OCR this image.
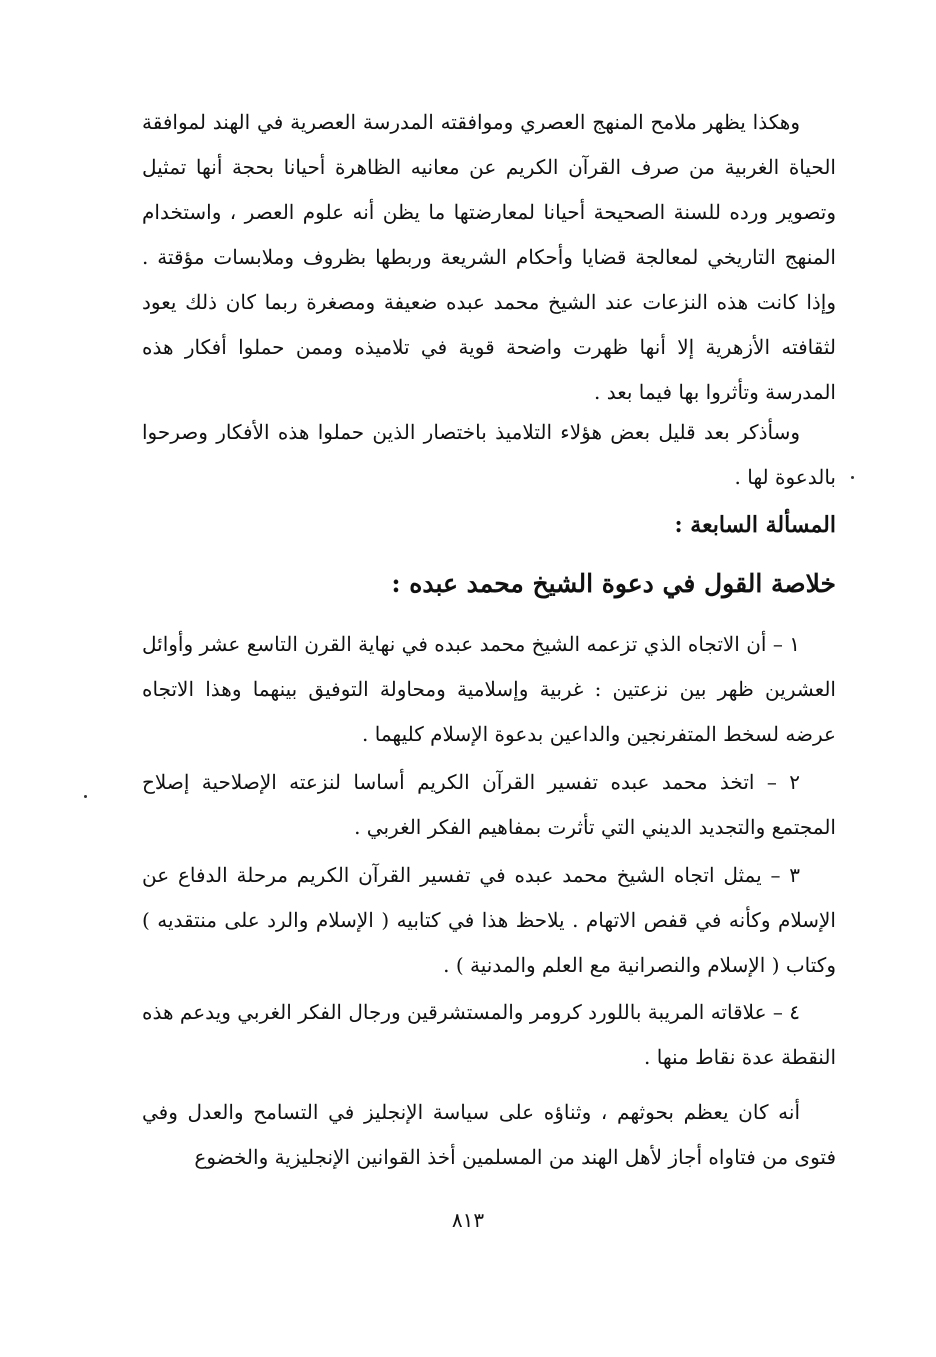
وهكذا يظهر ملامح المنهج العصري وموافقته المدرسة العصرية في الهند لموافقة الحياة الغربية من صرف القرآن الكريم عن معانيه الظاهرة أحيانا بحجة أنها تمثيل وتصوير ورده للسنة الصحيحة أحيانا لمعارضتها ما يظن أنه علوم العصر ، واستخدام المنهج التاريخي لمعالجة قضايا وأحكام الشريعة وربطها بظروف وملابسات مؤقتة . وإذا كانت هذه النزعات عند الشيخ محمد عبده ضعيفة ومصغرة ربما كان ذلك يعود لثقافته الأزهرية إلا أنها ظهرت واضحة قوية في تلاميذه وممن حملوا أفكار هذه المدرسة وتأثروا بها فيما بعد .

وسأذكر بعد قليل بعض هؤلاء التلاميذ باختصار الذين حملوا هذه الأفكار وصرحوا بالدعوة لها .

المسألة السابعة :
خلاصة القول في دعوة الشيخ محمد عبده :

١ – أن الاتجاه الذي تزعمه الشيخ محمد عبده في نهاية القرن التاسع عشر وأوائل العشرين ظهر بين نزعتين : غربية وإسلامية ومحاولة التوفيق بينهما وهذا الاتجاه عرضه لسخط المتفرنجين والداعين بدعوة الإسلام كليهما .

٢ – اتخذ محمد عبده تفسير القرآن الكريم أساسا لنزعته الإصلاحية إصلاح المجتمع والتجديد الديني التي تأثرت بمفاهيم الفكر الغربي .

٣ – يمثل اتجاه الشيخ محمد عبده في تفسير القرآن الكريم مرحلة الدفاع عن الإسلام وكأنه في قفص الاتهام . يلاحظ هذا في كتابيه ( الإسلام والرد على منتقديه ) وكتاب ( الإسلام والنصرانية مع العلم والمدنية ) .

٤ – علاقاته المريبة باللورد كرومر والمستشرقين ورجال الفكر الغربي ويدعم هذه النقطة عدة نقاط منها .

أنه كان يعظم بحوثهم ، وثناؤه على سياسة الإنجليز في التسامح والعدل وفي فتوى من فتاواه أجاز لأهل الهند من المسلمين أخذ القوانين الإنجليزية والخضوع

٨١٣
